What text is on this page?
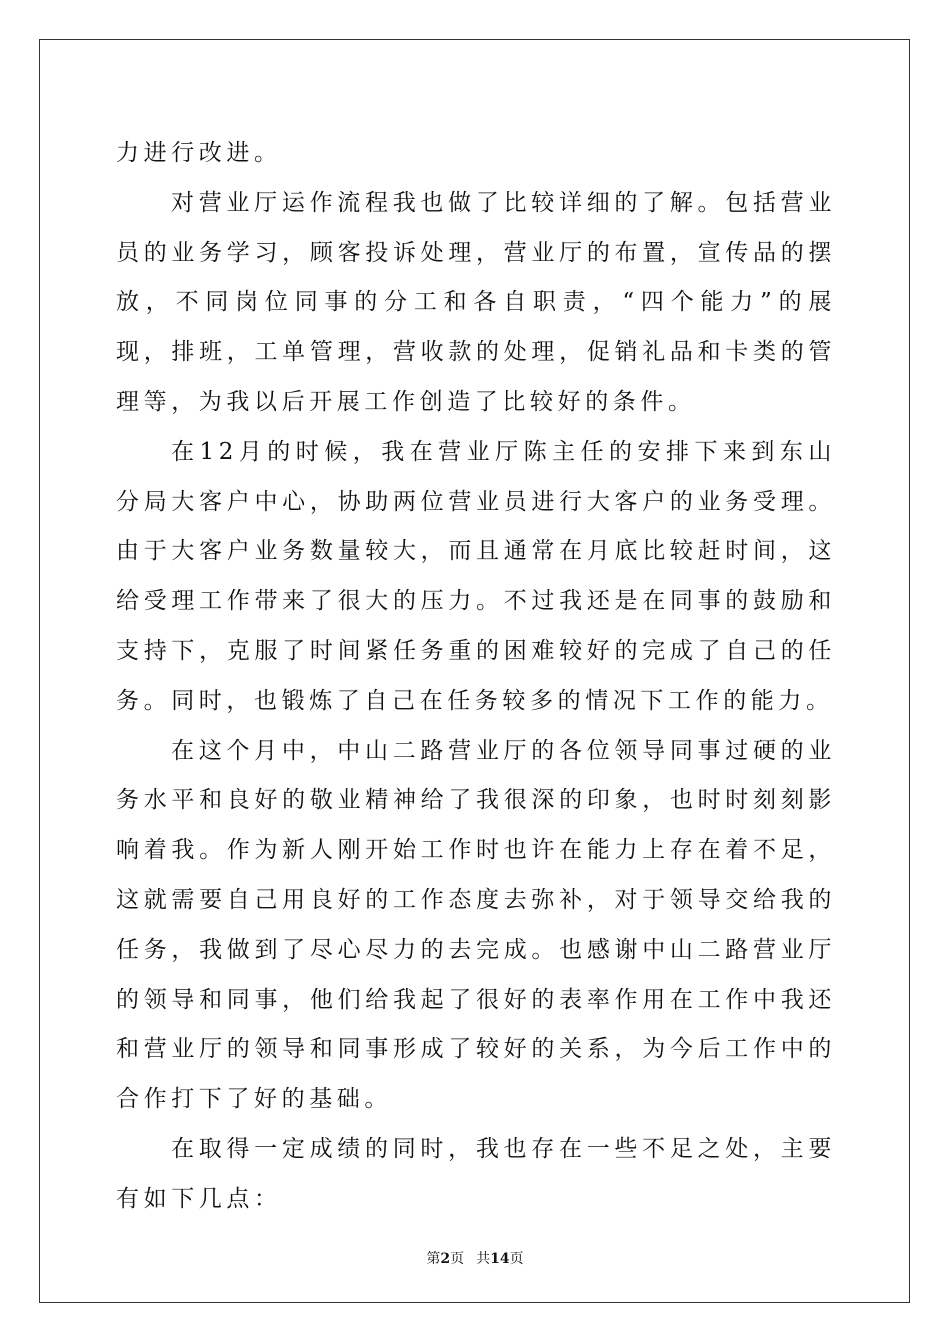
力进行改进。

对营业厅运作流程我也做了比较详细的了解。包括营业员的业务学习，顾客投诉处理，营业厅的布置，宣传品的摆放，不同岗位同事的分工和各自职责，“四个能力”的展现，排班，工单管理，营收款的处理，促销礼品和卡类的管理等，为我以后开展工作创造了比较好的条件。

在12月的时候，我在营业厅陈主任的安排下来到东山分局大客户中心，协助两位营业员进行大客户的业务受理。由于大客户业务数量较大，而且通常在月底比较赶时间，这给受理工作带来了很大的压力。不过我还是在同事的鼓励和支持下，克服了时间紧任务重的困难较好的完成了自己的任务。同时，也锻炼了自己在任务较多的情况下工作的能力。

在这个月中，中山二路营业厅的各位领导同事过硬的业务水平和良好的敬业精神给了我很深的印象，也时时刻刻影响着我。作为新人刚开始工作时也许在能力上存在着不足，这就需要自己用良好的工作态度去弥补，对于领导交给我的任务，我做到了尽心尽力的去完成。也感谢中山二路营业厅的领导和同事，他们给我起了很好的表率作用在工作中我还和营业厅的领导和同事形成了较好的关系，为今后工作中的合作打下了好的基础。

在取得一定成绩的同时，我也存在一些不足之处，主要有如下几点：

第2页 共14页
